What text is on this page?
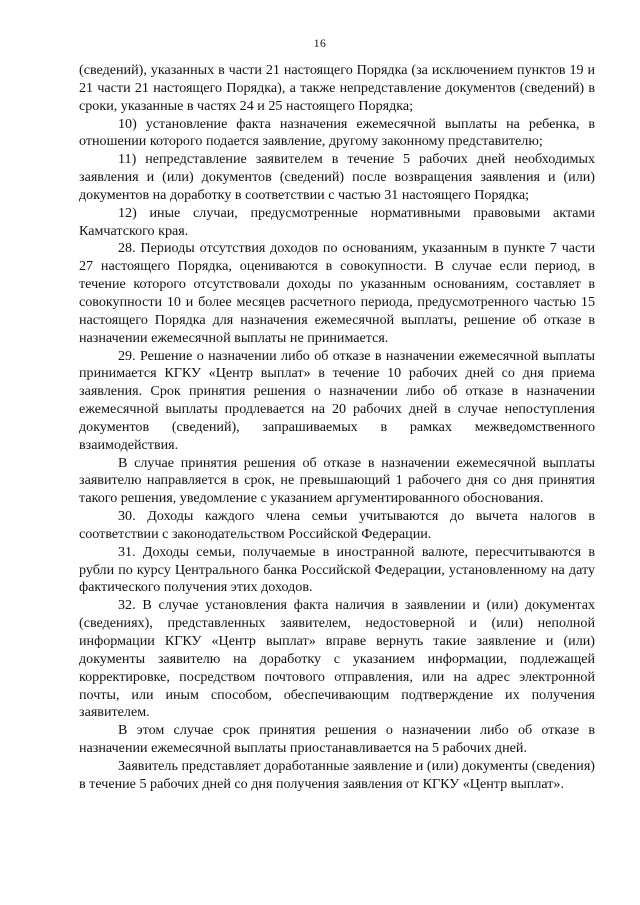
16

(сведений), указанных в части 21 настоящего Порядка (за исключением пунктов 19 и 21 части 21 настоящего Порядка), а также непредставление документов (сведений) в сроки, указанные в частях 24 и 25 настоящего Порядка;

10) установление факта назначения ежемесячной выплаты на ребенка, в отношении которого подается заявление, другому законному представителю;

11) непредставление заявителем в течение 5 рабочих дней необходимых заявления и (или) документов (сведений) после возвращения заявления и (или) документов на доработку в соответствии с частью 31 настоящего Порядка;

12) иные случаи, предусмотренные нормативными правовыми актами Камчатского края.

28. Периоды отсутствия доходов по основаниям, указанным в пункте 7 части 27 настоящего Порядка, оцениваются в совокупности. В случае если период, в течение которого отсутствовали доходы по указанным основаниям, составляет в совокупности 10 и более месяцев расчетного периода, предусмотренного частью 15 настоящего Порядка для назначения ежемесячной выплаты, решение об отказе в назначении ежемесячной выплаты не принимается.

29. Решение о назначении либо об отказе в назначении ежемесячной выплаты принимается КГКУ «Центр выплат» в течение 10 рабочих дней со дня приема заявления. Срок принятия решения о назначении либо об отказе в назначении ежемесячной выплаты продлевается на 20 рабочих дней в случае непоступления документов (сведений), запрашиваемых в рамках межведомственного взаимодействия.

В случае принятия решения об отказе в назначении ежемесячной выплаты заявителю направляется в срок, не превышающий 1 рабочего дня со дня принятия такого решения, уведомление с указанием аргументированного обоснования.

30. Доходы каждого члена семьи учитываются до вычета налогов в соответствии с законодательством Российской Федерации.

31. Доходы семьи, получаемые в иностранной валюте, пересчитываются в рубли по курсу Центрального банка Российской Федерации, установленному на дату фактического получения этих доходов.

32. В случае установления факта наличия в заявлении и (или) документах (сведениях), представленных заявителем, недостоверной и (или) неполной информации КГКУ «Центр выплат» вправе вернуть такие заявление и (или) документы заявителю на доработку с указанием информации, подлежащей корректировке, посредством почтового отправления, или на адрес электронной почты, или иным способом, обеспечивающим подтверждение их получения заявителем.

В этом случае срок принятия решения о назначении либо об отказе в назначении ежемесячной выплаты приостанавливается на 5 рабочих дней.

Заявитель представляет доработанные заявление и (или) документы (сведения) в течение 5 рабочих дней со дня получения заявления от КГКУ «Центр выплат».
